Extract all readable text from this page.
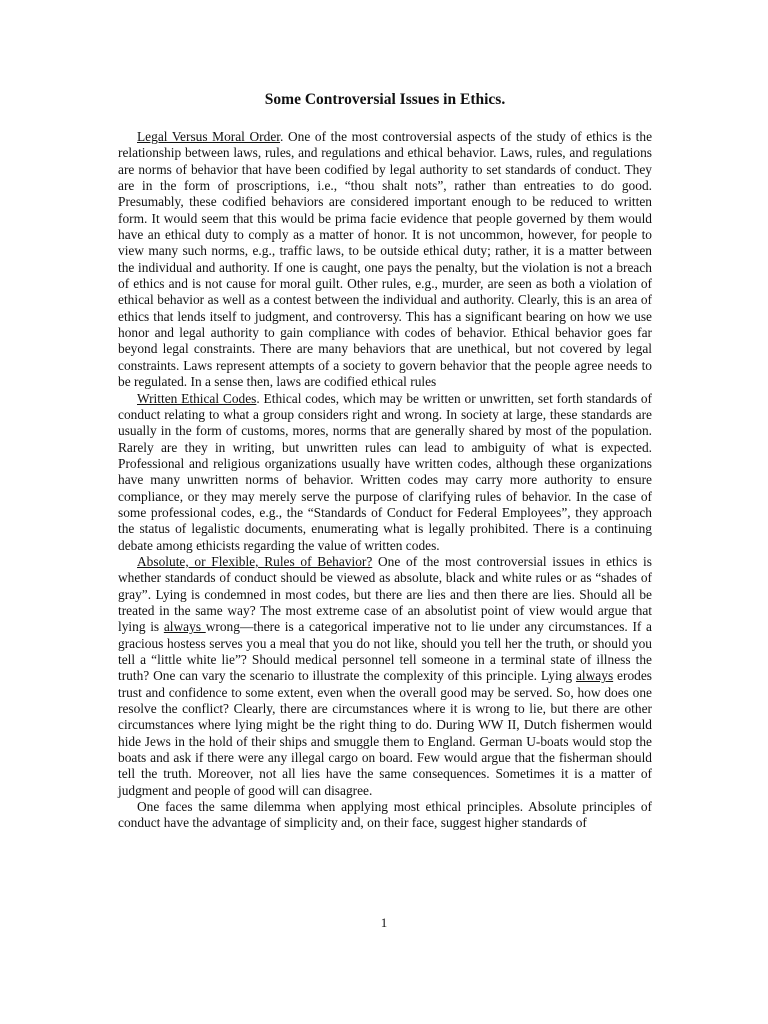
Some Controversial Issues in Ethics.

Legal Versus Moral Order. One of the most controversial aspects of the study of ethics is the relationship between laws, rules, and regulations and ethical behavior. Laws, rules, and regulations are norms of behavior that have been codified by legal authority to set standards of conduct. They are in the form of proscriptions, i.e., “thou shalt nots”, rather than entreaties to do good. Presumably, these codified behaviors are considered important enough to be reduced to written form. It would seem that this would be prima facie evidence that people governed by them would have an ethical duty to comply as a matter of honor. It is not uncommon, however, for people to view many such norms, e.g., traffic laws, to be outside ethical duty; rather, it is a matter between the individual and authority. If one is caught, one pays the penalty, but the violation is not a breach of ethics and is not cause for moral guilt. Other rules, e.g., murder, are seen as both a violation of ethical behavior as well as a contest between the individual and authority. Clearly, this is an area of ethics that lends itself to judgment, and controversy. This has a significant bearing on how we use honor and legal authority to gain compliance with codes of behavior. Ethical behavior goes far beyond legal constraints. There are many behaviors that are unethical, but not covered by legal constraints. Laws represent attempts of a society to govern behavior that the people agree needs to be regulated. In a sense then, laws are codified ethical rules

Written Ethical Codes. Ethical codes, which may be written or unwritten, set forth standards of conduct relating to what a group considers right and wrong. In society at large, these standards are usually in the form of customs, mores, norms that are generally shared by most of the population. Rarely are they in writing, but unwritten rules can lead to ambiguity of what is expected. Professional and religious organizations usually have written codes, although these organizations have many unwritten norms of behavior. Written codes may carry more authority to ensure compliance, or they may merely serve the purpose of clarifying rules of behavior. In the case of some professional codes, e.g., the “Standards of Conduct for Federal Employees”, they approach the status of legalistic documents, enumerating what is legally prohibited. There is a continuing debate among ethicists regarding the value of written codes.

Absolute, or Flexible, Rules of Behavior? One of the most controversial issues in ethics is whether standards of conduct should be viewed as absolute, black and white rules or as “shades of gray”. Lying is condemned in most codes, but there are lies and then there are lies. Should all be treated in the same way? The most extreme case of an absolutist point of view would argue that lying is always wrong—there is a categorical imperative not to lie under any circumstances. If a gracious hostess serves you a meal that you do not like, should you tell her the truth, or should you tell a “little white lie”? Should medical personnel tell someone in a terminal state of illness the truth? One can vary the scenario to illustrate the complexity of this principle. Lying always erodes trust and confidence to some extent, even when the overall good may be served. So, how does one resolve the conflict? Clearly, there are circumstances where it is wrong to lie, but there are other circumstances where lying might be the right thing to do. During WW II, Dutch fishermen would hide Jews in the hold of their ships and smuggle them to England. German U-boats would stop the boats and ask if there were any illegal cargo on board. Few would argue that the fisherman should tell the truth. Moreover, not all lies have the same consequences. Sometimes it is a matter of judgment and people of good will can disagree.

One faces the same dilemma when applying most ethical principles. Absolute principles of conduct have the advantage of simplicity and, on their face, suggest higher standards of

1
